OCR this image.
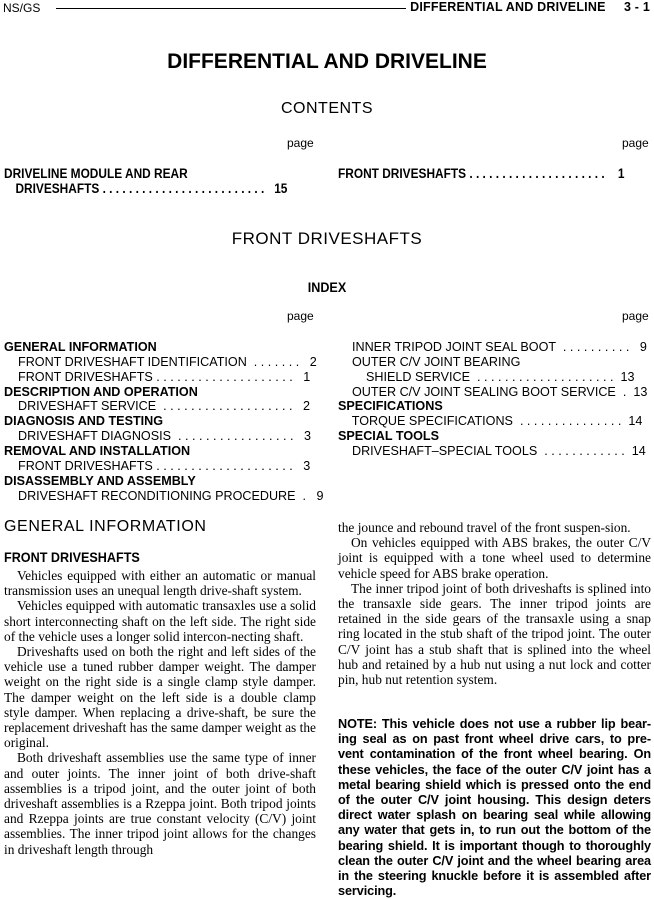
NS/GS	DIFFERENTIAL AND DRIVELINE     3 - 1
DIFFERENTIAL AND DRIVELINE
CONTENTS
page	page
DRIVELINE MODULE AND REAR
DRIVESHAFTS . . . . . . . . . . . . . . . . . . . . . . . . .   15
FRONT DRIVESHAFTS . . . . . . . . . . . . . . . . . . . . .    1
FRONT DRIVESHAFTS
INDEX
page	page
GENERAL INFORMATION
FRONT DRIVESHAFT IDENTIFICATION  . . . . . . .   2
FRONT DRIVESHAFTS . . . . . . . . . . . . . . . . . . . .   1
DESCRIPTION AND OPERATION
DRIVESHAFT SERVICE  . . . . . . . . . . . . . . . . . . .   2
DIAGNOSIS AND TESTING
DRIVESHAFT DIAGNOSIS  . . . . . . . . . . . . . . . . .   3
REMOVAL AND INSTALLATION
FRONT DRIVESHAFTS . . . . . . . . . . . . . . . . . . . .   3
DISASSEMBLY AND ASSEMBLY
DRIVESHAFT RECONDITIONING PROCEDURE  .   9
INNER TRIPOD JOINT SEAL BOOT  . . . . . . . . . .   9
OUTER C/V JOINT BEARING
SHIELD SERVICE  . . . . . . . . . . . . . . . . . . . .  13
OUTER C/V JOINT SEALING BOOT SERVICE  .  13
SPECIFICATIONS
TORQUE SPECIFICATIONS  . . . . . . . . . . . . . . .  14
SPECIAL TOOLS
DRIVESHAFT–SPECIAL TOOLS  . . . . . . . . . . . .  14
GENERAL INFORMATION
FRONT DRIVESHAFTS

Vehicles equipped with either an automatic or manual transmission uses an unequal length drive-shaft system.

Vehicles equipped with automatic transaxles use a solid short interconnecting shaft on the left side. The right side of the vehicle uses a longer solid intercon-necting shaft.

Driveshafts used on both the right and left sides of the vehicle use a tuned rubber damper weight. The damper weight on the right side is a single clamp style damper. The damper weight on the left side is a double clamp style damper. When replacing a drive-shaft, be sure the replacement driveshaft has the same damper weight as the original.

Both driveshaft assemblies use the same type of inner and outer joints. The inner joint of both drive-shaft assemblies is a tripod joint, and the outer joint of both driveshaft assemblies is a Rzeppa joint. Both tripod joints and Rzeppa joints are true constant velocity (C/V) joint assemblies. The inner tripod joint allows for the changes in driveshaft length through

the jounce and rebound travel of the front suspen-sion.

On vehicles equipped with ABS brakes, the outer C/V joint is equipped with a tone wheel used to determine vehicle speed for ABS brake operation.

The inner tripod joint of both driveshafts is splined into the transaxle side gears. The inner tripod joints are retained in the side gears of the transaxle using a snap ring located in the stub shaft of the tripod joint. The outer C/V joint has a stub shaft that is splined into the wheel hub and retained by a hub nut using a nut lock and cotter pin, hub nut retention system.

NOTE: This vehicle does not use a rubber lip bear-ing seal as on past front wheel drive cars, to pre-vent contamination of the front wheel bearing. On these vehicles, the face of the outer C/V joint has a metal bearing shield which is pressed onto the end of the outer C/V joint housing. This design deters direct water splash on bearing seal while allowing any water that gets in, to run out the bottom of the bearing shield. It is important though to thoroughly clean the outer C/V joint and the wheel bearing area in the steering knuckle before it is assembled after servicing.
